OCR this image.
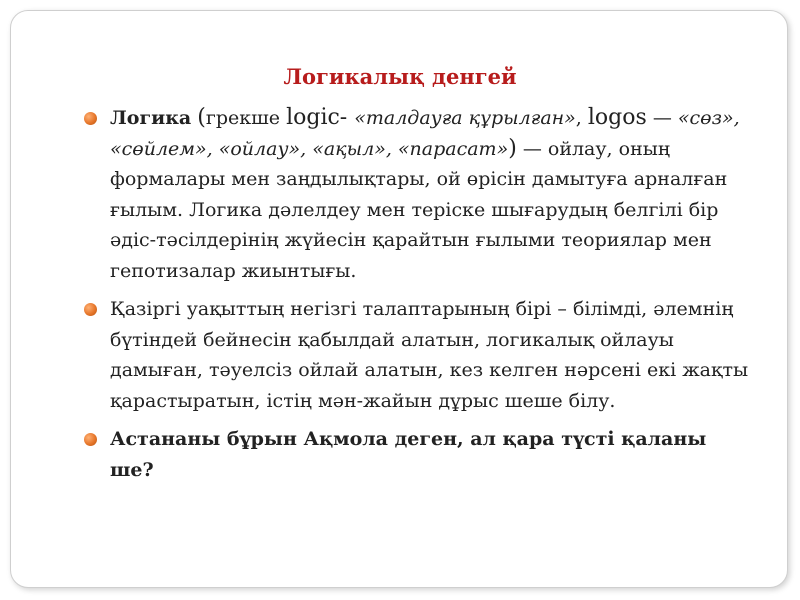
Логикалық денгей
Логика (грекше logic- «талдауға құрылған», logos — «сөз», «сөйлем», «ойлау», «ақыл», «парасат») — ойлау, оның формалары мен заңдылықтары, ой өрісін дамытуға арналған ғылым. Логика дәлелдеу мен теріске шығарудың белгілі бір әдіс-тәсілдерінің жүйесін қарайтын ғылыми теориялар мен гепотизалар жиынтығы.
Қазіргі уақыттың негізгі талаптарының бірі – білімді, әлемнің бүтіндей бейнесін қабылдай алатын, логикалық ойлауы дамыған, тәуелсіз ойлай алатын, кез келген нәрсені екі жақты қарастыратын, істің мән-жайын дұрыс шеше білу.
Астананы бұрын Ақмола деген, ал қара түсті қаланы ше?
